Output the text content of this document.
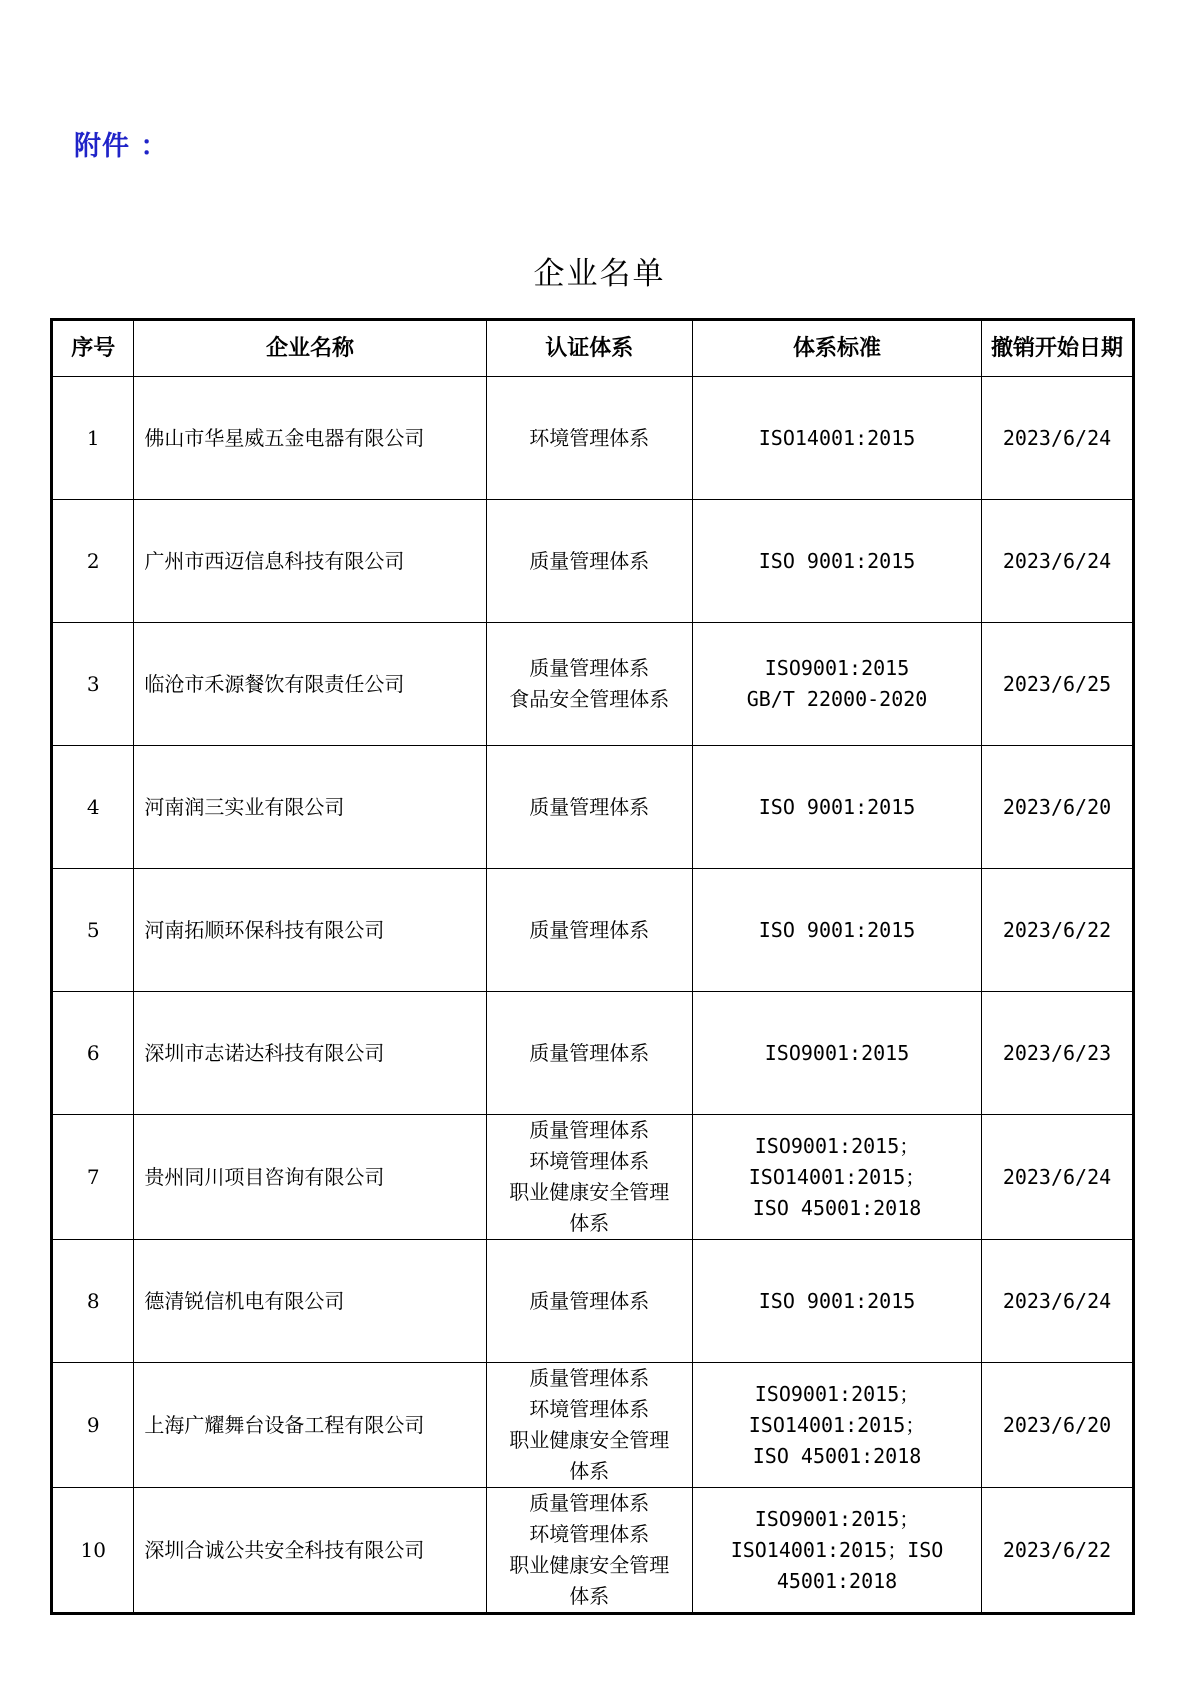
附件 ：
企业名单
序号	企业名称	认证体系	体系标准	撤销开始日期

1	佛山市华星威五金电器有限公司	环境管理体系	ISO14001:2015	2023/6/24
2	广州市西迈信息科技有限公司	质量管理体系	ISO 9001:2015	2023/6/24
3	临沧市禾源餐饮有限责任公司	质量管理体系
食品安全管理体系	ISO9001:2015
GB/T 22000-2020	2023/6/25
4	河南润三实业有限公司	质量管理体系	ISO 9001:2015	2023/6/20
5	河南拓顺环保科技有限公司	质量管理体系	ISO 9001:2015	2023/6/22
6	深圳市志诺达科技有限公司	质量管理体系	ISO9001:2015	2023/6/23
7	贵州同川项目咨询有限公司	质量管理体系
环境管理体系
职业健康安全管理
体系	ISO9001:2015；
ISO14001:2015；
ISO 45001:2018	2023/6/24
8	德清锐信机电有限公司	质量管理体系	ISO 9001:2015	2023/6/24
9	上海广耀舞台设备工程有限公司	质量管理体系
环境管理体系
职业健康安全管理
体系	ISO9001:2015；
ISO14001:2015；
ISO 45001:2018	2023/6/20
10	深圳合诚公共安全科技有限公司	质量管理体系
环境管理体系
职业健康安全管理
体系	ISO9001:2015；
ISO14001:2015；ISO
45001:2018	2023/6/22
